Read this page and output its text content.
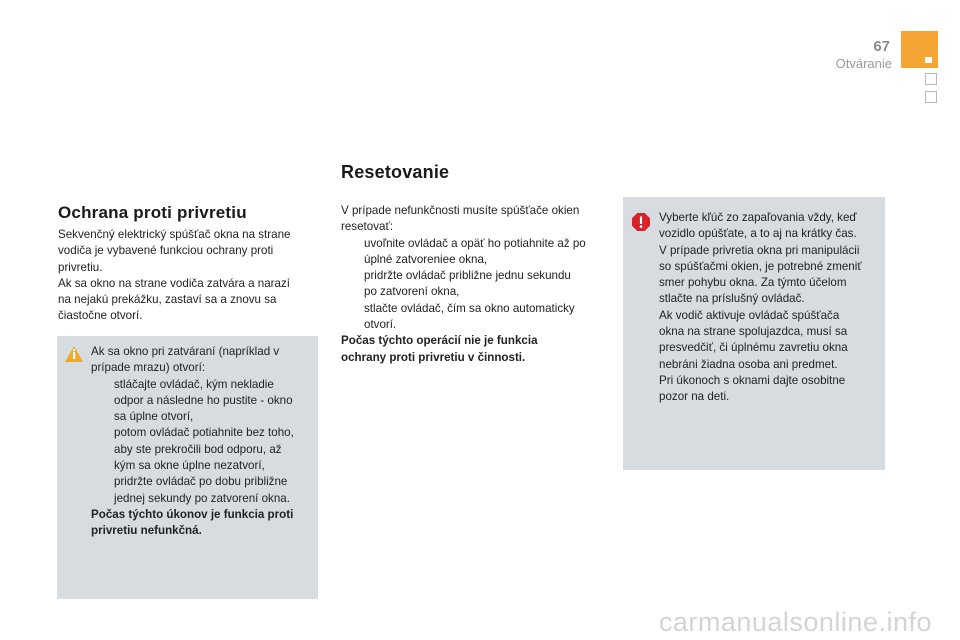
67
Otváranie
Ochrana proti privretiu

Sekvenčný elektrický spúšťač okna na strane

vodiča je vybavené funkciou ochrany proti

privretiu.

Ak sa okno na strane vodiča zatvára a narazí

na nejakú prekážku, zastaví sa a znovu sa

čiastočne otvorí.

Ak sa okno pri zatváraní (napríklad v

prípade mrazu) otvorí:

stláčajte ovládač, kým nekladie

odpor a následne ho pustite - okno

sa úplne otvorí,

potom ovládač potiahnite bez toho,

aby ste prekročili bod odporu, až

kým sa okne úplne nezatvorí,

pridržte ovládač po dobu približne

jednej sekundy po zatvorení okna.

Počas týchto úkonov je funkcia proti

privretiu nefunkčná.

Resetovanie

V prípade nefunkčnosti musíte spúšťače okien

resetovať:

uvoľnite ovládač a opäť ho potiahnite až po

úplné zatvoreniee okna,

pridržte ovládač približne jednu sekundu

po zatvorení okna,

stlačte ovládač, čím sa okno automaticky

otvorí.

Počas týchto operácií nie je funkcia

ochrany proti privretiu v činnosti.

Vyberte kľúč zo zapaľovania vždy, keď

vozidlo opúšťate, a to aj na krátky čas.

V prípade privretia okna pri manipulácii

so spúšťačmi okien, je potrebné zmeniť

smer pohybu okna. Za týmto účelom

stlačte na príslušný ovládač.

Ak vodič aktivuje ovládač spúšťača

okna na strane spolujazdca, musí sa

presvedčiť, či úplnému zavretiu okna

nebráni žiadna osoba ani predmet.

Pri úkonoch s oknami dajte osobitne

pozor na deti.

carmanualsonline.info
